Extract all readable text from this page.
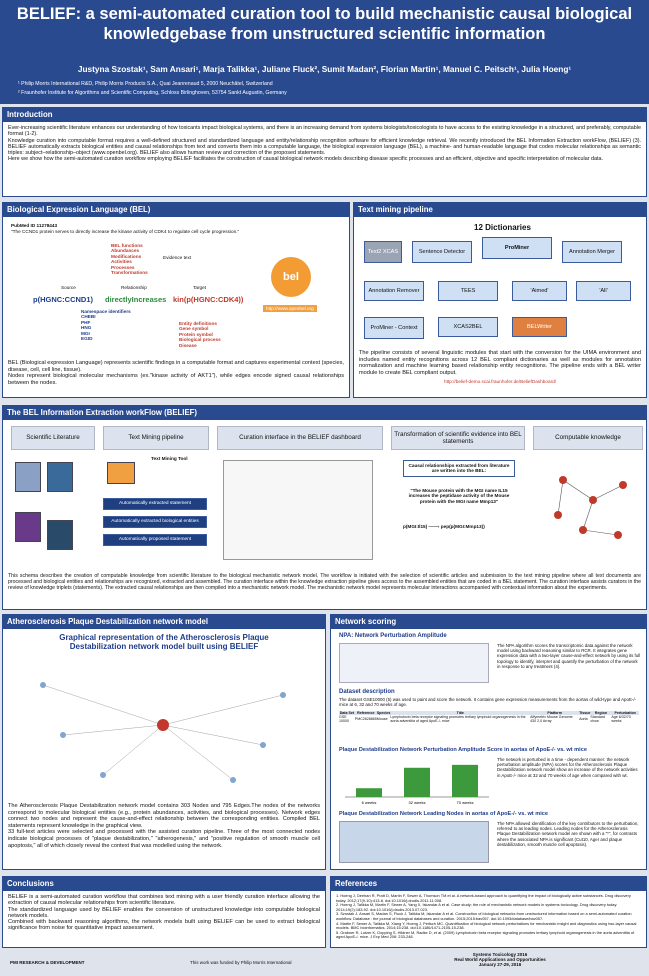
BELIEF: a semi-automated curation tool to build mechanistic causal biological knowledgebase from unstructured scientific information
Justyna Szostak¹, Sam Ansari¹, Marja Talikka¹, Juliane Fluck², Sumit Madan², Florian Martin¹, Manuel C. Peitsch¹, Julia Hoeng¹
¹ Philip Morris International R&D, Philip Morris Products S.A., Quai Jeanrenaud 5, 2000 Neuchâtel, Switzerland
² Fraunhofer Institute for Algorithms and Scientific Computing, Schloss Birlinghoven, 53754 Sankt Augustin, Germany
Introduction
Ever-increasing scientific literature enhances our understanding of how toxicants impact biological systems, and there is an increasing demand from systems biologists/toxicologists to have access to the existing knowledge in a structured, and preferably, computable format (1-2).
Knowledge curation into computable format requires a well-defined structured and standardized language and entity/relationship recognition software for efficient knowledge retrieval. We recently introduced the BEL Information Extraction workFlow, (BELIEF) (3). BELIEF automatically extracts biological entities and causal relationships from text and converts them into a computable language, the biological expression language (BEL), a machine- and human-readable language that codes molecular relationships as semantic triples: subject–relationship–object (www.openbel.org). BELIEF also allows human review and correction of the proposed statements.
Here we show how the semi-automated curation workflow employing BELIEF facilitates the construction of causal biological network models describing disease specific processes and an efficient, objective and specific interpretation of molecular data.
Biological Expression Language (BEL)
PubMed ID 11278443
"The CCND1 protein serves to directly increase the kinase activity of CDK4 to regulate cell cycle progression."
Evidence text
BEL functions
Abundances
Modifications
Activities
Processes
Transformations
Source	Relationship	Target
p(HGNC:CCND1) directlyIncreases kin(p(HGNC:CDK4))
Namespace identifiers
CHEBI
PHF
HNG
MGI
EGID
Entity definitions
Gene symbol
Protein symbol
Biological process
Disease
bel
http://www.openbel.org
BEL (Biological expression Language) represents scientific findings in a computable format and captures experimental context (species, disease, cell, cell line, tissue).
Nodes represent biological molecular mechanisms (ex."kinase activity of AKT1"), while edges encode signed causal relationships between the nodes.
Text mining pipeline
12 Dictionaries
Text2 XCAS	Sentence Detector
ProMiner
Annotation Merger
Annotation Remover	TEES	'Aimed'	'All'
ProMiner - Context	XCAS2BEL	BELWriter
The pipeline consists of several linguistic modules that start with the conversion for the UIMA environment and includes named entity recognitions across 12 BEL compliant dictionaries as well as modules for annotation normalization and machine learning based relationship entity recognitions. The pipeline ends with a BEL writer module to create BEL compliant output.
http://belief-demo.scai.fraunhofer.de/BeliefDashboard/
The BEL Information Extraction workFlow (BELIEF)
Scientific Literature	Text Mining pipeline	Curation interface in the BELIEF dashboard
Transformation of scientific evidence into BEL statements
Computable knowledge
Text Mining Tool
Automatically extracted statement
Automatically extracted biological entities
Automatically proposed statement
Causal relationships extracted from literature are written into the BEL:
"The Mouse protein with the MGI name IL15 increases the peptidase activity of the Mouse protein with the MGI name Mmp13"
p(MGI:Il15) ——› pep(p(MGI:Mmp13))
This schema describes the creation of computable knowledge from scientific literature to the biological mechanistic network model. The workflow is initiated with the selection of scientific articles and submission to the text mining pipeline where all text documents are processed and biological entities and relationships are recognized, extracted and assembled. The curation interface within the knowledge extraction pipeline gives access to the assembled entities that are coded in a BEL statement. The curation interface assists curators in the review of knowledge triplets (statements). The extracted causal relationships are then compiled into a mechanistic network model. The mechanistic network model represents molecular interactions accompanied with contextual information about the experiments.
Atherosclerosis Plaque Destabilization network model
Graphical representation of the Atherosclerosis Plaque Destabilization network model built using BELIEF
The Atherosclerosis Plaque Destabilization network model contains 303 Nodes and 795 Edges.The nodes of the networks correspond to molecular biological entities (e.g., protein abundances, activities, and biological processes). Network edges connect two nodes and represent the cause-and-effect relationship between the corresponding entities. Compiled BEL statements represent knowledge in the graphical view.
33 full-text articles were selected and processed with the assisted curation pipeline. Three of the most connected nodes indicate biological processes of "plaque destabilization," "atherogenesis," and "positive regulation of smooth muscle cell apoptosis," all of which closely reveal the context that was modelled using the network.
Network scoring
NPA: Network Perturbation Amplitude
The NPA algorithm scores the transcriptomic data against the network model using backward reasoning similar to RCR. It integrates gene expression data with a two-layer cause-and-effect network by using its full topology to identify, interpret and quantify the perturbation of the network in response to any treatment (4).
Dataset description
The dataset GSE10000 (5) was used to paint and score the network. It contains gene expression measurements from the aortas of wild-type and ApoE-/- mice at 6, 32 and 70 weeks of age.
Data Set	Reference	Species	Title	Platform	Tissue	Region	Perturbation
GSE 10000	PMC2628865	Mouse	Lymphotoxin beta receptor signaling promotes tertiary lymphoid organogenesis in the aorta adventitia of aged ApoE-/- mice	Affymetrix Mouse Genome 430 2.0 Array	Aorta	Standard chow	Age 6/32/70 weeks
Plaque Destabilization Network Perturbation Amplitude Score in aortas of ApoE-/- vs. wt mice
6 weeks	32 weeks	70 weeks
The network is perturbed in a time - dependent manner: the network perturbation amplitude (NPA) scores for the Atherosclerosis Plaque Destabilization network model show an increase of the network activities in ApoE-/- mice at 32 and 70 weeks of age when compared with wt.
Plaque Destabilization Network Leading Nodes in aortas of ApoE-/- vs. wt mice
The NPA allowed identification of the key contributors to the perturbation, referred to as leading nodes. Leading nodes for the Atherosclerosis Plaque Destabilization network model are shown with a "*", for contrasts where the associated NPA is significant (Cut10, Ager and plaque destabilization, smooth muscle cell apoptosis).
Conclusions
BELIEF is a semi-automated curation workflow that combines text mining with a user friendly curation interface allowing the extraction of causal molecular relationships from scientific literature.
The standardized language used by BELIEF enables the conversion of unstructured knowledge into computable biological network models.
Combined with backward reasoning algorithms, the network models built using BELIEF can be used to extract biological significance from noise for quantitative impact assessment.
References
1. Hoeng J, Deehan R, Pratt D, Martin F, Sewer A, Thomson TM et al. A network-based approach to quantifying the impact of biologically active substances. Drug discovery today. 2012;17(9-10):413-8. doi:10.1016/j.drudis.2011.11.008.
2. Hoeng J, Talikka M, Martin F, Sewer A, Yang X, Iskandar A et al. Case study: the role of mechanistic network models in systems toxicology. Drug discovery today. 2014;19(2):183-92. doi:10.1016/j.drudis.2013.07.023.
3. Szostak J, Ansari S, Madan S, Fluck J, Talikka M, Iskandar A et al. Construction of biological networks from unstructured information based on a semi-automated curation workflow. Database : the journal of biological databases and curation. 2015;2015:bav057. doi:10.1093/database/bav057.
4. Martin F, Sewer A, Talikka M, Xiang Y, Hoeng J, Peitsch MC. Quantification of biological network perturbations for mechanistic insight and diagnostics using two-layer causal models. BMC bioinformatics. 2014;15:238. doi:10.1186/1471-2105-15-238.
5. Grabner R, Lotzer K, Dopping S, Hildner M, Radke D, et al. (2009) Lymphotoxin beta receptor signaling promotes tertiary lymphoid organogenesis in the aorta adventitia of aged ApoE-/- mice. J Exp Med 206: 233-248.
PMI RESEARCH & DEVELOPMENT	This work was funded by Philip Morris International
Systems Toxicology 2016
Real World Applications and Opportunities
January 27-29, 2016
